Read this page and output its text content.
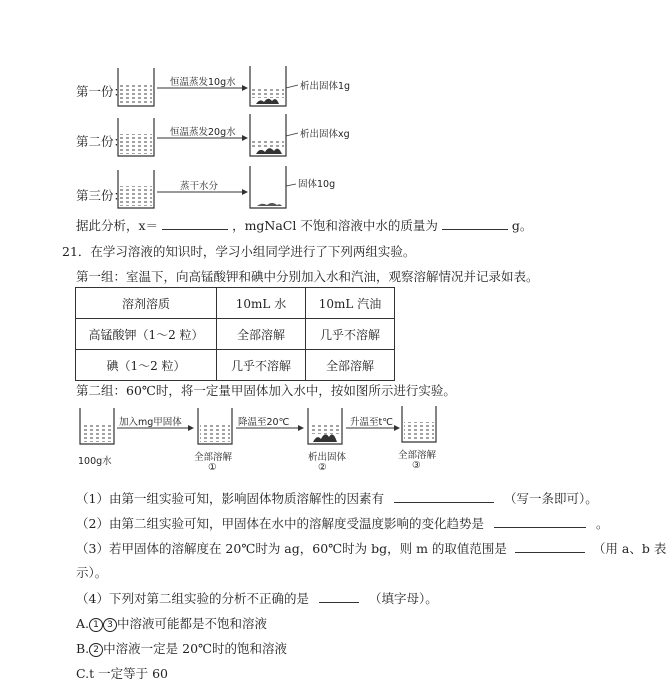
第一份：
恒温蒸发10g水	析出固体1g
第二份：
恒温蒸发20g水	析出固体xg
第三份：
蒸干水分	固体10g
据此分析，x＝	，mgNaCl 不饱和溶液中水的质量为	g。
21．在学习溶液的知识时，学习小组同学进行了下列两组实验。
第一组：室温下，向高锰酸钾和碘中分别加入水和汽油，观察溶解情况并记录如表。
溶剂溶质	10mL 水	10mL 汽油
高锰酸钾（1～2 粒）	全部溶解	几乎不溶解
碘（1～2 粒）	几乎不溶解	全部溶解
第二组：60℃时，将一定量甲固体加入水中，按如图所示进行实验。
加入mg甲固体	降温至20℃	升温至t℃
100g水	全部溶解
①
析出固体
②
全部溶解
③
（1）由第一组实验可知，影响固体物质溶解性的因素有	（写一条即可）。
（2）由第二组实验可知，甲固体在水中的溶解度受温度影响的变化趋势是	。
（3）若甲固体的溶解度在 20℃时为 ag，60℃时为 bg，则 m 的取值范围是	（用 a、b 表
示）。
（4）下列对第二组实验的分析不正确的是	（填字母）。
A. 1 3 中溶液可能都是不饱和溶液
B. 2 中溶液一定是 20℃时的饱和溶液
C.t 一定等于 60
